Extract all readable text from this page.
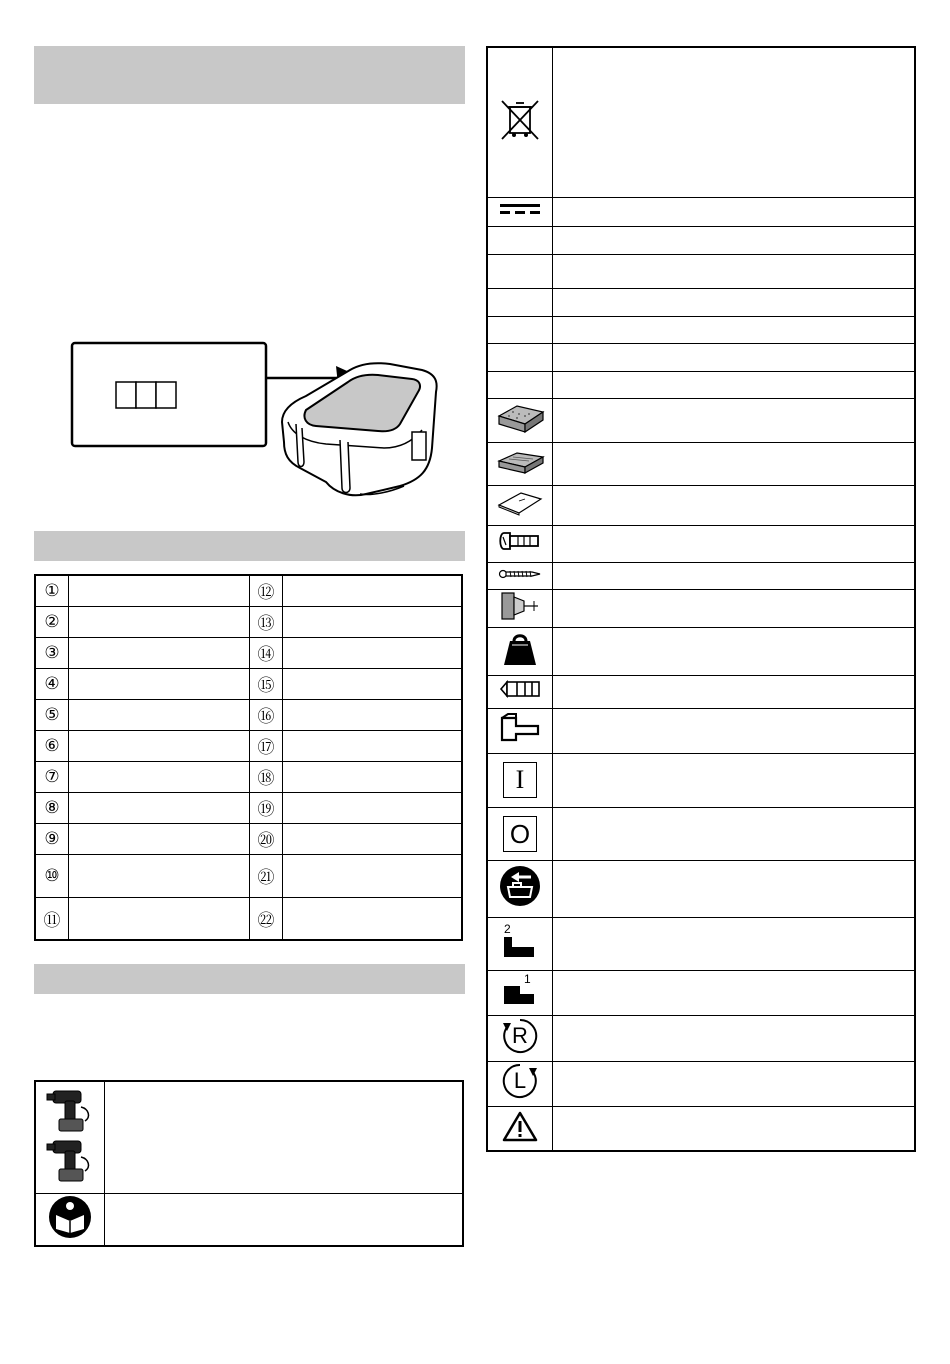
①		⑫	
②		⑬	
③		⑭	
④		⑮	
⑤		⑯	
⑥		⑰	
⑦		⑱	
⑧		⑲	
⑨		⑳	
⑩		㉑	
⑪		㉒	

I	
O	

2	

1	

R	

L	
